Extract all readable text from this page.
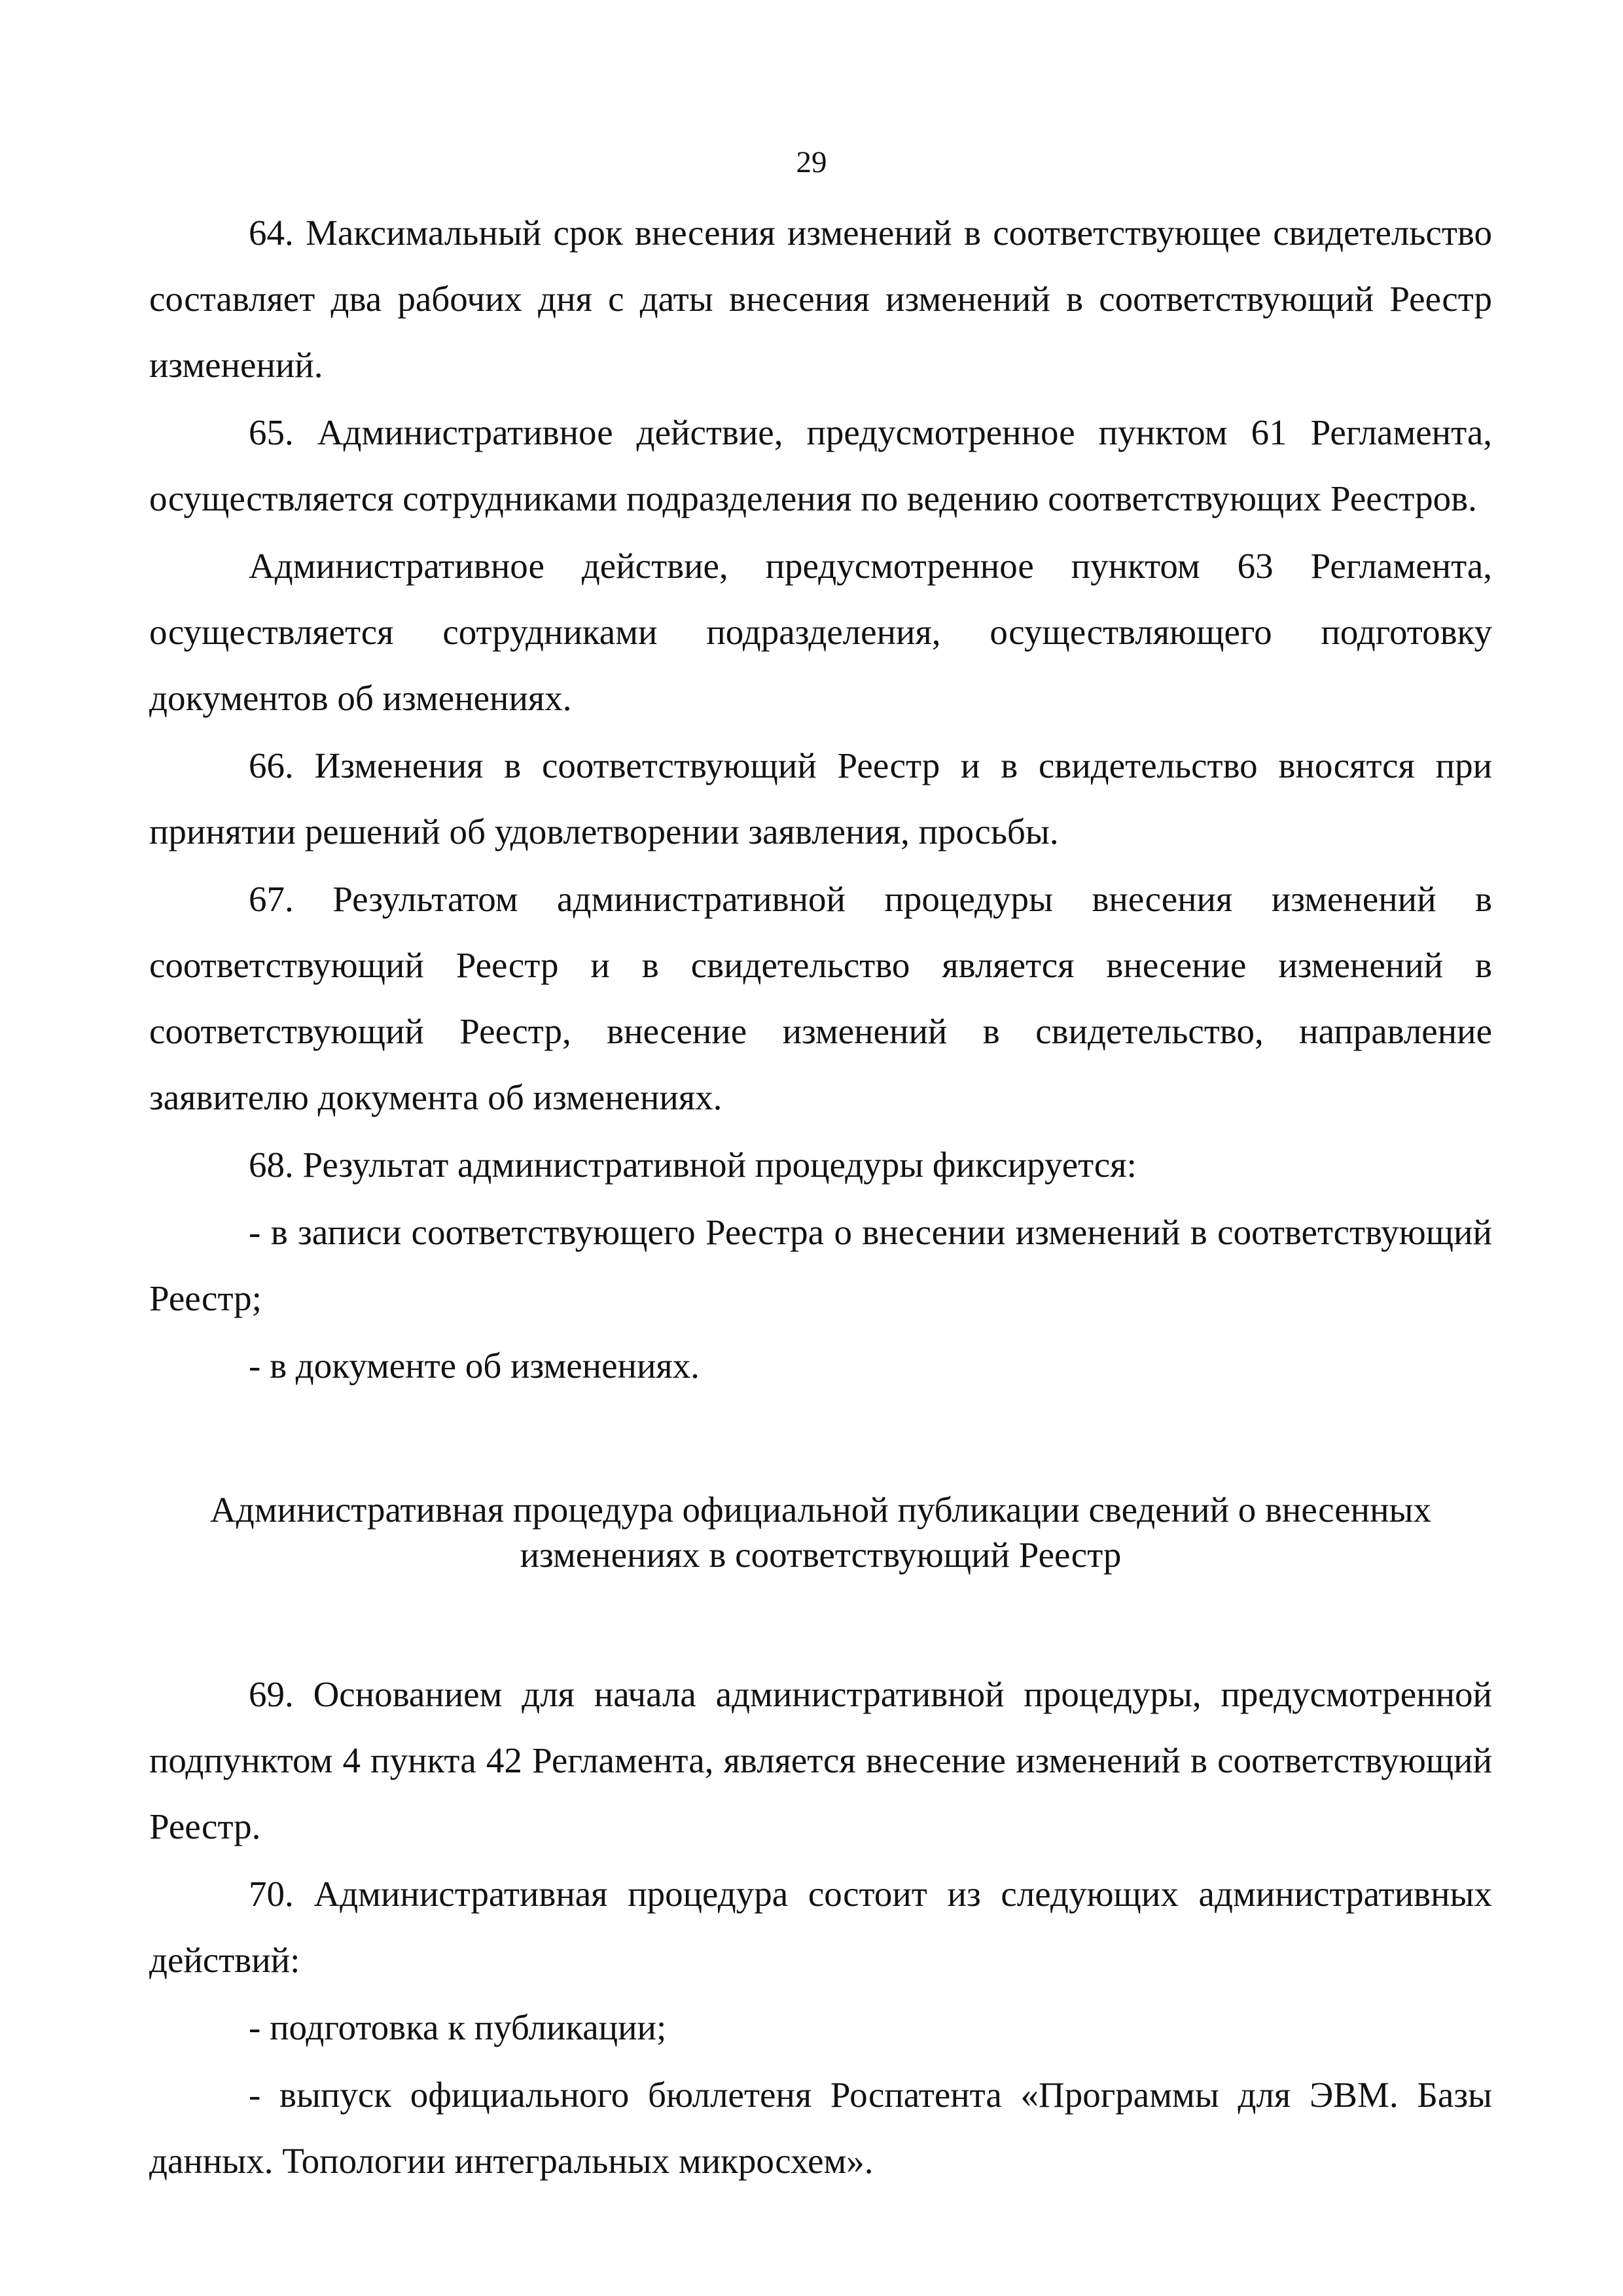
29

64. Максимальный срок внесения изменений в соответствующее свидетельство составляет два рабочих дня с даты внесения изменений в соответствующий Реестр изменений.

65. Административное действие, предусмотренное пунктом 61 Регламента, осуществляется сотрудниками подразделения по ведению соответствующих Реестров.

Административное действие, предусмотренное пунктом 63 Регламента, осуществляется сотрудниками подразделения, осуществляющего подготовку документов об изменениях.

66. Изменения в соответствующий Реестр и в свидетельство вносятся при принятии решений об удовлетворении заявления, просьбы.

67. Результатом административной процедуры внесения изменений в соответствующий Реестр и в свидетельство является внесение изменений в соответствующий Реестр, внесение изменений в свидетельство, направление заявителю документа об изменениях.

68. Результат административной процедуры фиксируется:

- в записи соответствующего Реестра о внесении изменений в соответствующий Реестр;

- в документе об изменениях.

Административная процедура официальной публикации сведений о внесенных
изменениях в соответствующий Реестр

69. Основанием для начала административной процедуры, предусмотренной подпунктом 4 пункта 42 Регламента, является внесение изменений в соответствующий Реестр.

70. Административная процедура состоит из следующих административных действий:

- подготовка к публикации;

- выпуск официального бюллетеня Роспатента «Программы для ЭВМ. Базы данных. Топологии интегральных микросхем».
